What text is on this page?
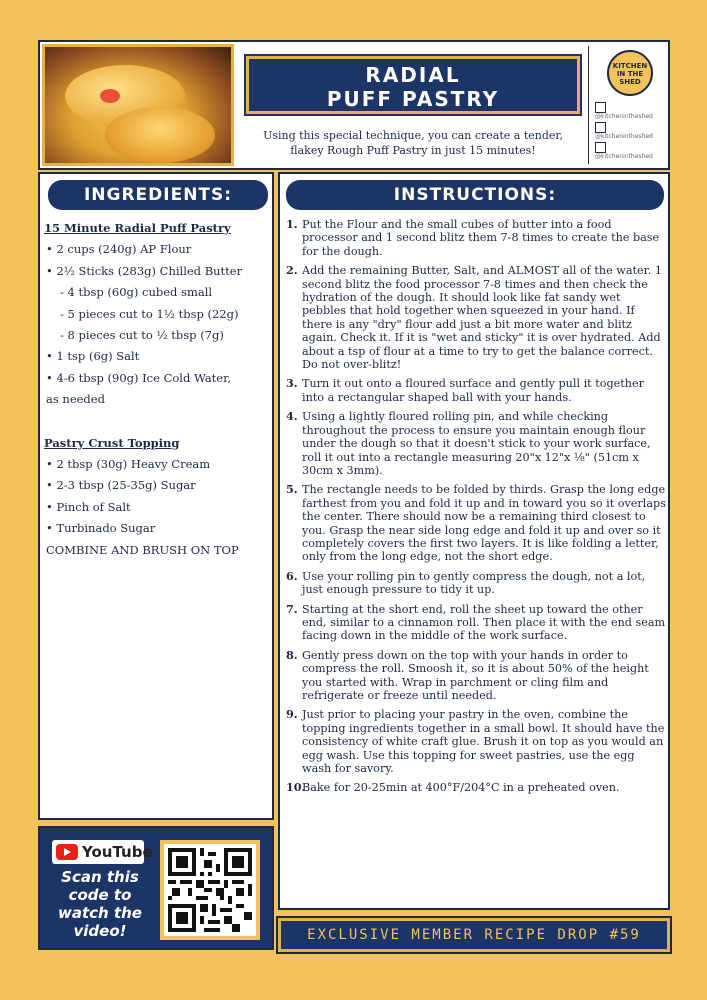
RADIAL
PUFF PASTRY
Using this special technique, you can create a tender, flakey Rough Puff Pastry in just 15 minutes!
KITCHEN IN THE SHED
@kitchenintheshed
@kitchenintheshed
@kitchenintheshed
INGREDIENTS:
15 Minute Radial Puff Pastry
• 2 cups (240g) AP Flour
• 2½ Sticks (283g) Chilled Butter
- 4 tbsp (60g) cubed small
- 5 pieces cut to 1½ tbsp (22g)
- 8 pieces cut to ½ tbsp (7g)
• 1 tsp (6g) Salt
• 4-6 tbsp (90g) Ice Cold Water,
as needed
Pastry Crust Topping
• 2 tbsp (30g) Heavy Cream
• 2-3 tbsp (25-35g) Sugar
• Pinch of Salt
• Turbinado Sugar
COMBINE AND BRUSH ON TOP
INSTRUCTIONS:
1. Put the Flour and the small cubes of butter into a food processor and 1 second blitz them 7-8 times to create the base for the dough.
2. Add the remaining Butter, Salt, and ALMOST all of the water. 1 second blitz the food processor 7-8 times and then check the hydration of the dough. It should look like fat sandy wet pebbles that hold together when squeezed in your hand. If there is any "dry" flour add just a bit more water and blitz again. Check it. If it is "wet and sticky" it is over hydrated. Add about a tsp of flour at a time to try to get the balance correct. Do not over-blitz!
3. Turn it out onto a floured surface and gently pull it together into a rectangular shaped ball with your hands.
4. Using a lightly floured rolling pin, and while checking throughout the process to ensure you maintain enough flour under the dough so that it doesn't stick to your work surface, roll it out into a rectangle measuring 20"x 12"x ⅛" (51cm x 30cm x 3mm).
5. The rectangle needs to be folded by thirds. Grasp the long edge farthest from you and fold it up and in toward you so it overlaps the center. There should now be a remaining third closest to you. Grasp the near side long edge and fold it up and over so it completely covers the first two layers. It is like folding a letter, only from the long edge, not the short edge.
6. Use your rolling pin to gently compress the dough, not a lot, just enough pressure to tidy it up.
7. Starting at the short end, roll the sheet up toward the other end, similar to a cinnamon roll. Then place it with the end seam facing down in the middle of the work surface.
8. Gently press down on the top with your hands in order to compress the roll. Smoosh it, so it is about 50% of the height you started with. Wrap in parchment or cling film and refrigerate or freeze until needed.
9. Just prior to placing your pastry in the oven, combine the topping ingredients together in a small bowl. It should have the consistency of white craft glue. Brush it on top as you would an egg wash. Use this topping for sweet pastries, use the egg wash for savory.
10.
Bake for 20-25min at 400°F/204°C in a preheated oven.
YouTube
Scan this code to watch the video!	EXCLUSIVE MEMBER RECIPE DROP #59
